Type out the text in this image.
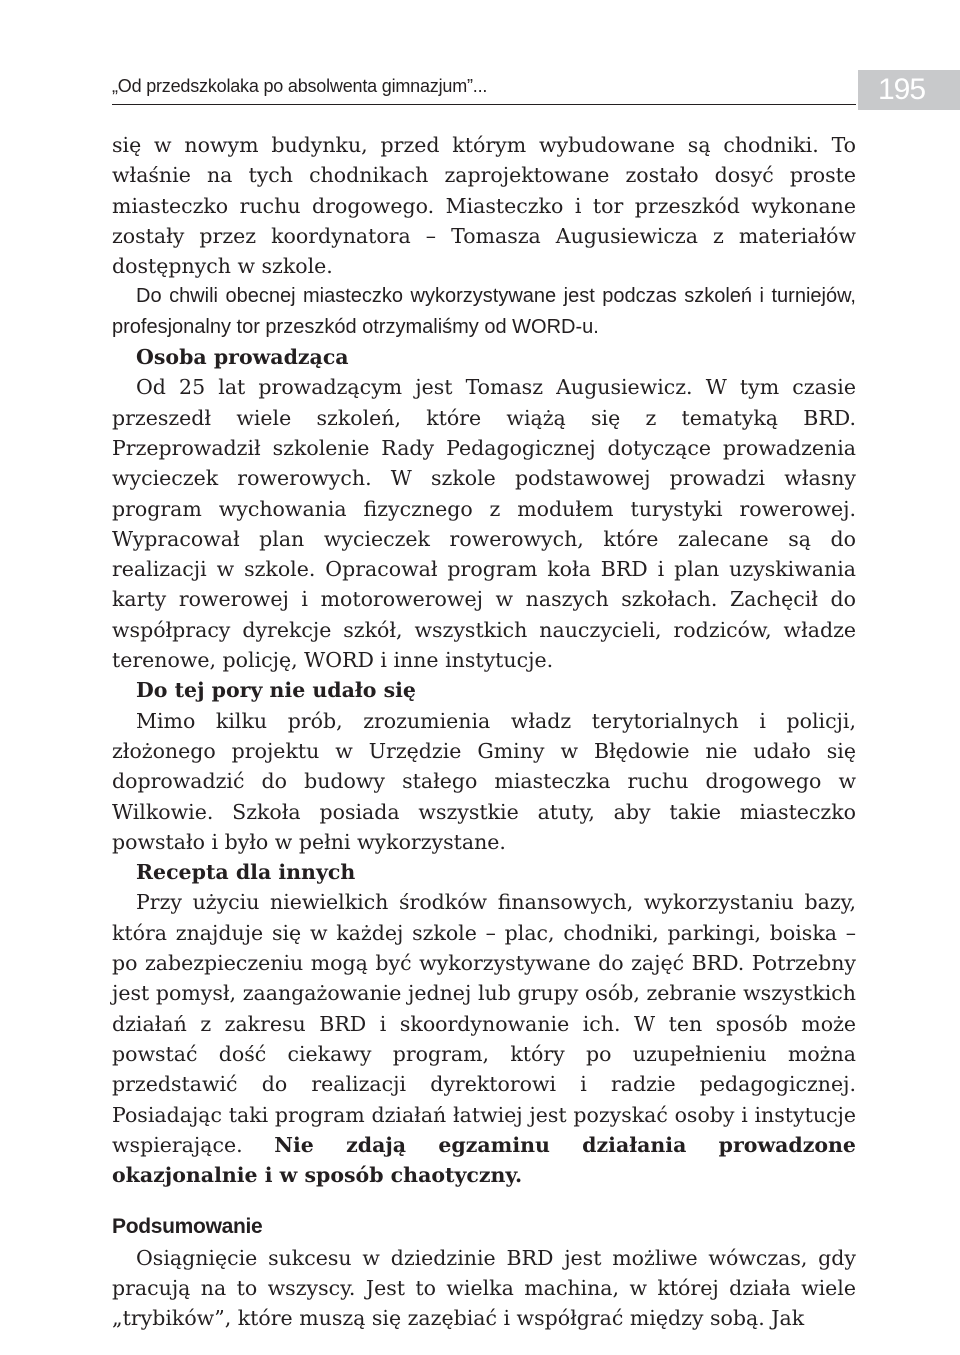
„Od przedszkolaka po absolwenta gimnazjum”...	195

się w nowym budynku, przed którym wybudowane są chodniki. To właśnie na tych chodnikach zaprojektowane zostało dosyć proste miasteczko ruchu drogowego. Miasteczko i tor przeszkód wykonane zostały przez koordynatora – Tomasza Augusiewicza z materiałów dostępnych w szkole.

Do chwili obecnej miasteczko wykorzystywane jest podczas szkoleń i turniejów, profesjonalny tor przeszkód otrzymaliśmy od WORD-u.

Osoba prowadząca

Od 25 lat prowadzącym jest Tomasz Augusiewicz. W tym czasie przeszedł wiele szkoleń, które wiążą się z tematyką BRD. Przeprowadził szkolenie Rady Pedagogicznej dotyczące prowadzenia wycieczek rowerowych. W szkole podstawowej prowadzi własny program wychowania fizycznego z modułem turystyki rowerowej. Wypracował plan wycieczek rowerowych, które zalecane są do realizacji w szkole. Opracował program koła BRD i plan uzyskiwania karty rowerowej i motorowerowej w naszych szkołach. Zachęcił do współpracy dyrekcje szkół, wszystkich nauczycieli, rodziców, władze terenowe, policję, WORD i inne instytucje.

Do tej pory nie udało się

Mimo kilku prób, zrozumienia władz terytorialnych i policji, złożonego projektu w Urzędzie Gminy w Błędowie nie udało się doprowadzić do budowy stałego miasteczka ruchu drogowego w Wilkowie. Szkoła posiada wszystkie atuty, aby takie miasteczko powstało i było w pełni wykorzystane.

Recepta dla innych

Przy użyciu niewielkich środków finansowych, wykorzystaniu bazy, która znajduje się w każdej szkole – plac, chodniki, parkingi, boiska – po zabezpieczeniu mogą być wykorzystywane do zajęć BRD. Potrzebny jest pomysł, zaangażowanie jednej lub grupy osób, zebranie wszystkich działań z zakresu BRD i skoordynowanie ich. W ten sposób może powstać dość ciekawy program, który po uzupełnieniu można przedstawić do realizacji dyrektorowi i radzie pedagogicznej. Posiadając taki program działań łatwiej jest pozyskać osoby i instytucje wspierające. Nie zdają egzaminu działania prowadzone okazjonalnie i w sposób chaotyczny.

Podsumowanie

Osiągnięcie sukcesu w dziedzinie BRD jest możliwe wówczas, gdy pracują na to wszyscy. Jest to wielka machina, w której działa wiele „trybików”, które muszą się zazębiać i współgrać między sobą. Jak
